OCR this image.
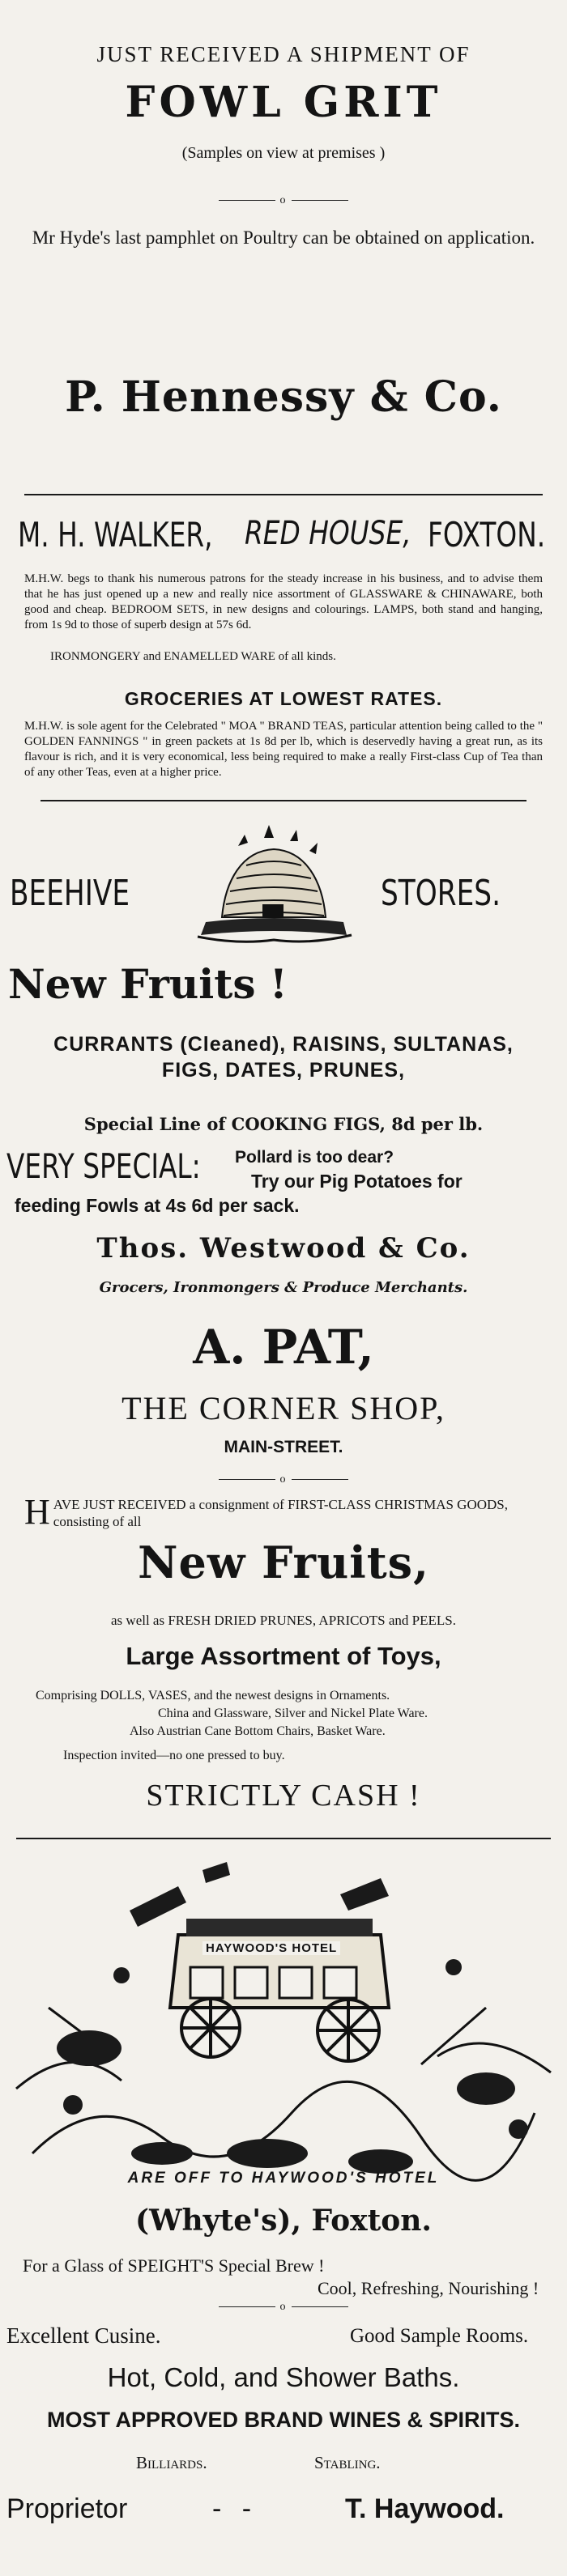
JUST RECEIVED A SHIPMENT OF
FOWL GRIT
(Samples on view at premises )
o
Mr Hyde's last pamphlet on Poultry can be obtained on application.
P. Hennessy & Co.
M. H. WALKER, RED HOUSE, FOXTON.
M.H.W. begs to thank his numerous patrons for the steady increase in his business, and to advise them that he has just opened up a new and really nice assortment of GLASSWARE & CHINAWARE, both good and cheap. BEDROOM SETS, in new designs and colourings. LAMPS, both stand and hanging, from 1s 9d to those of superb design at 57s 6d.
IRONMONGERY and ENAMELLED WARE of all kinds.
GROCERIES AT LOWEST RATES.
M.H.W. is sole agent for the Celebrated " MOA " BRAND TEAS, particular attention being called to the " GOLDEN FANNINGS " in green packets at 1s 8d per lb, which is deservedly having a great run, as its flavour is rich, and it is very economical, less being required to make a really First-class Cup of Tea than of any other Teas, even at a higher price.
BEEHIVE	STORES.
New Fruits !
CURRANTS (Cleaned), RAISINS, SULTANAS,
FIGS, DATES, PRUNES,
Special Line of COOKING FIGS, 8d per lb.
VERY SPECIAL: Pollard is too dear?
Try our Pig Potatoes for
feeding Fowls at 4s 6d per sack.
Thos. Westwood & Co.
Grocers, Ironmongers & Produce Merchants.
A. PAT,
THE CORNER SHOP,
MAIN-STREET.
o
H AVE JUST RECEIVED a consignment of FIRST-CLASS CHRISTMAS GOODS, consisting of all
New Fruits,
as well as FRESH DRIED PRUNES, APRICOTS and PEELS.
Large Assortment of Toys,
Comprising DOLLS, VASES, and the newest designs in Ornaments.
China and Glassware, Silver and Nickel Plate Ware.
Also Austrian Cane Bottom Chairs, Basket Ware.
Inspection invited—no one pressed to buy.
STRICTLY CASH !
HAYWOOD'S HOTEL
ARE OFF TO HAYWOOD'S HOTEL
(Whyte's), Foxton.
For a Glass of SPEIGHT'S Special Brew !
Cool, Refreshing, Nourishing !
o
Excellent Cusine.	Good Sample Rooms.
Hot, Cold, and Shower Baths.
MOST APPROVED BRAND WINES & SPIRITS.
Billiards.	Stabling.
Proprietor	- -	T. Haywood.
